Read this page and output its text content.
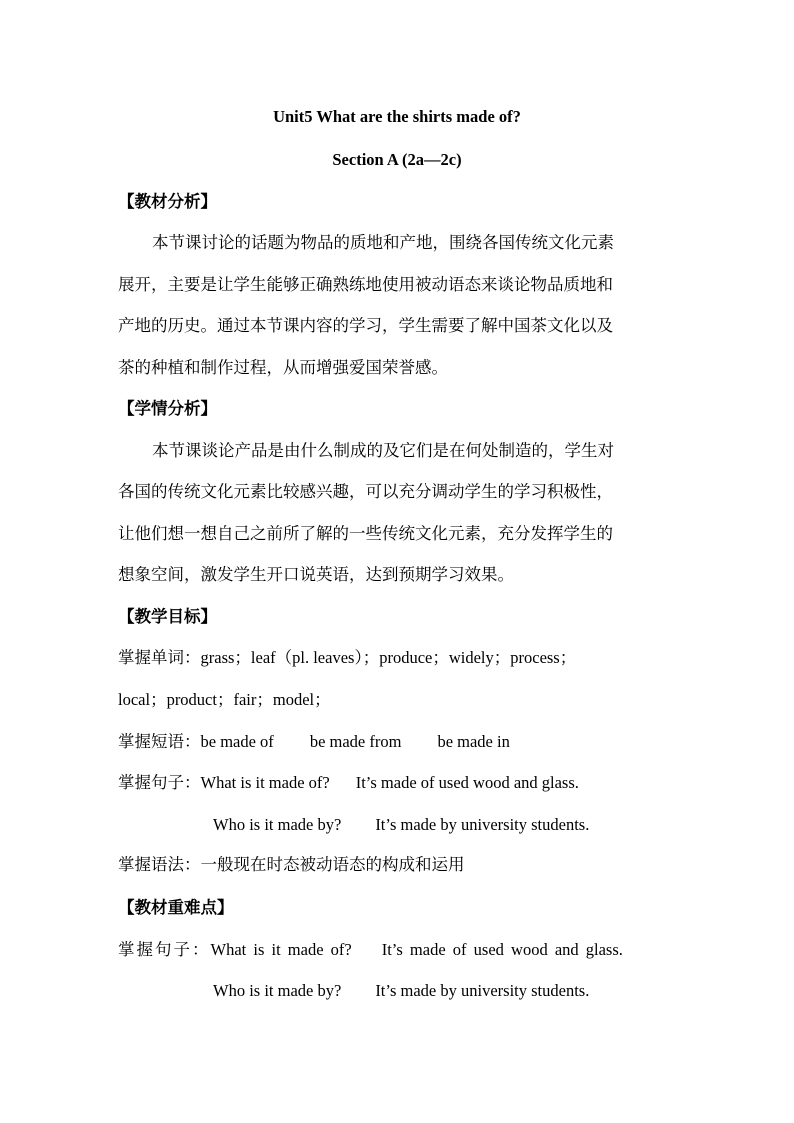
Unit5 What are the shirts made of?
Section A (2a—2c)
【教材分析】
本节课讨论的话题为物品的质地和产地，围绕各国传统文化元素
展开，主要是让学生能够正确熟练地使用被动语态来谈论物品质地和
产地的历史。通过本节课内容的学习，学生需要了解中国茶文化以及
茶的种植和制作过程，从而增强爱国荣誉感。
【学情分析】
本节课谈论产品是由什么制成的及它们是在何处制造的，学生对
各国的传统文化元素比较感兴趣，可以充分调动学生的学习积极性，
让他们想一想自己之前所了解的一些传统文化元素，充分发挥学生的
想象空间，激发学生开口说英语，达到预期学习效果。
【教学目标】
掌握单词：grass；leaf（pl. leaves）；produce；widely；process；
local；product；fair；model；
掌握短语：be made of be made from be made in
掌握句子：What is it made of? It’s made of used wood and glass.
Who is it made by? It’s made by university students.
掌握语法：一般现在时态被动语态的构成和运用
【教材重难点】
掌握句子：What is it made of? It’s made of used wood and glass.
Who is it made by? It’s made by university students.
